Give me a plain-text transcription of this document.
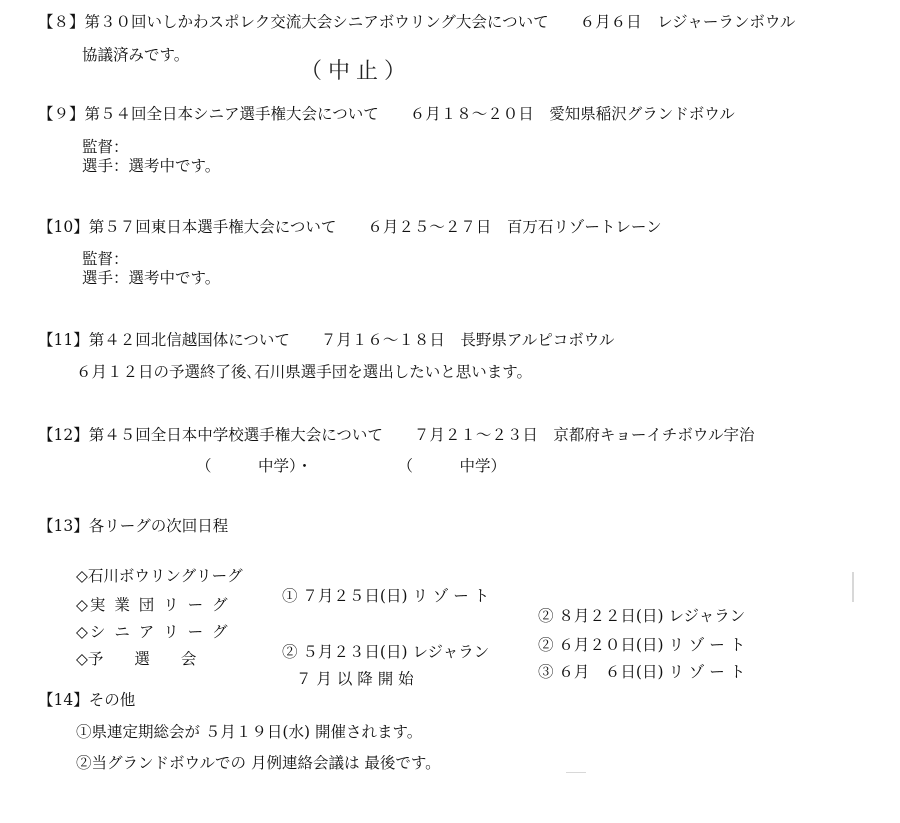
【８】第３０回いしかわスポレク交流大会シニアボウリング大会について　　６月６日　レジャーランボウル
協議済みです。
（中止）
【９】第５４回全日本シニア選手権大会について　　６月１８～２０日　愛知県稲沢グランドボウル
監督：
選手：選考中です。
【10】第５７回東日本選手権大会について　　６月２５～２７日　百万石リゾートレーン
監督：
選手：選考中です。
【11】第４２回北信越国体について　　７月１６～１８日　長野県アルピコボウル
６月１２日の予選終了後､石川県選手団を選出したいと思います。
【12】第４５回全日本中学校選手権大会について　　７月２１～２３日　京都府キョーイチボウル宇治
（　　　中学）・　　　　　　（　　　中学）
【13】各リーグの次回日程

◇石川ボウリングリーグ

① ７月２５日(日) リ ゾ ー ト

② ８月２２日(日) レジャラン

◇実 業 団 リ ー グ

② ６月２０日(日) リ ゾ ー ト

◇シ ニ ア リ ー グ

② ５月２３日(日) レジャラン

③ ６月　６日(日) リ ゾ ー ト

◇予　　選　　会

７ 月 以 降 開 始

【14】その他
①県連定期総会が ５月１９日(水) 開催されます。
②当グランドボウルでの 月例連絡会議は 最後です。
